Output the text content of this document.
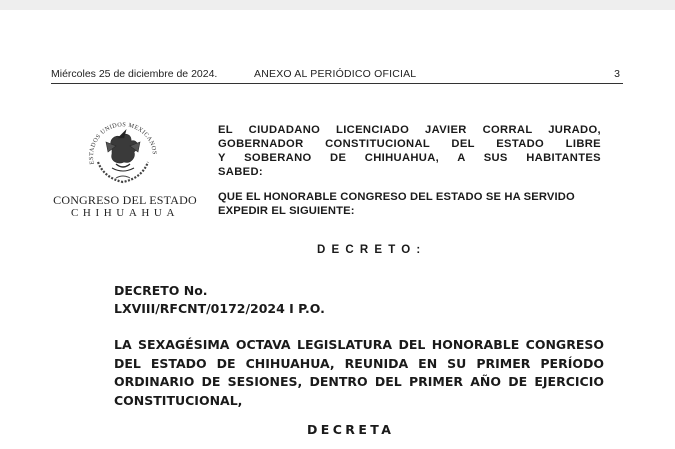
Miércoles 25 de diciembre de 2024.	ANEXO AL PERIÓDICO OFICIAL	3
ESTADOS UNIDOS MEXICANOS
CONGRESO DEL ESTADO
CHIHUAHUA
EL CIUDADANO LICENCIADO JAVIER CORRAL JURADO,
GOBERNADOR CONSTITUCIONAL DEL ESTADO LIBRE
Y SOBERANO DE CHIHUAHUA, A SUS HABITANTES
SABED:
QUE EL HONORABLE CONGRESO DEL ESTADO SE HA SERVIDO
EXPEDIR EL SIGUIENTE:
DECRETO:
DECRETO No.
LXVIII/RFCNT/0172/2024 I P.O.
LA SEXAGÉSIMA OCTAVA LEGISLATURA DEL HONORABLE CONGRESO
DEL ESTADO DE CHIHUAHUA, REUNIDA EN SU PRIMER PERÍODO
ORDINARIO DE SESIONES, DENTRO DEL PRIMER AÑO DE EJERCICIO
CONSTITUCIONAL,
DECRETA
